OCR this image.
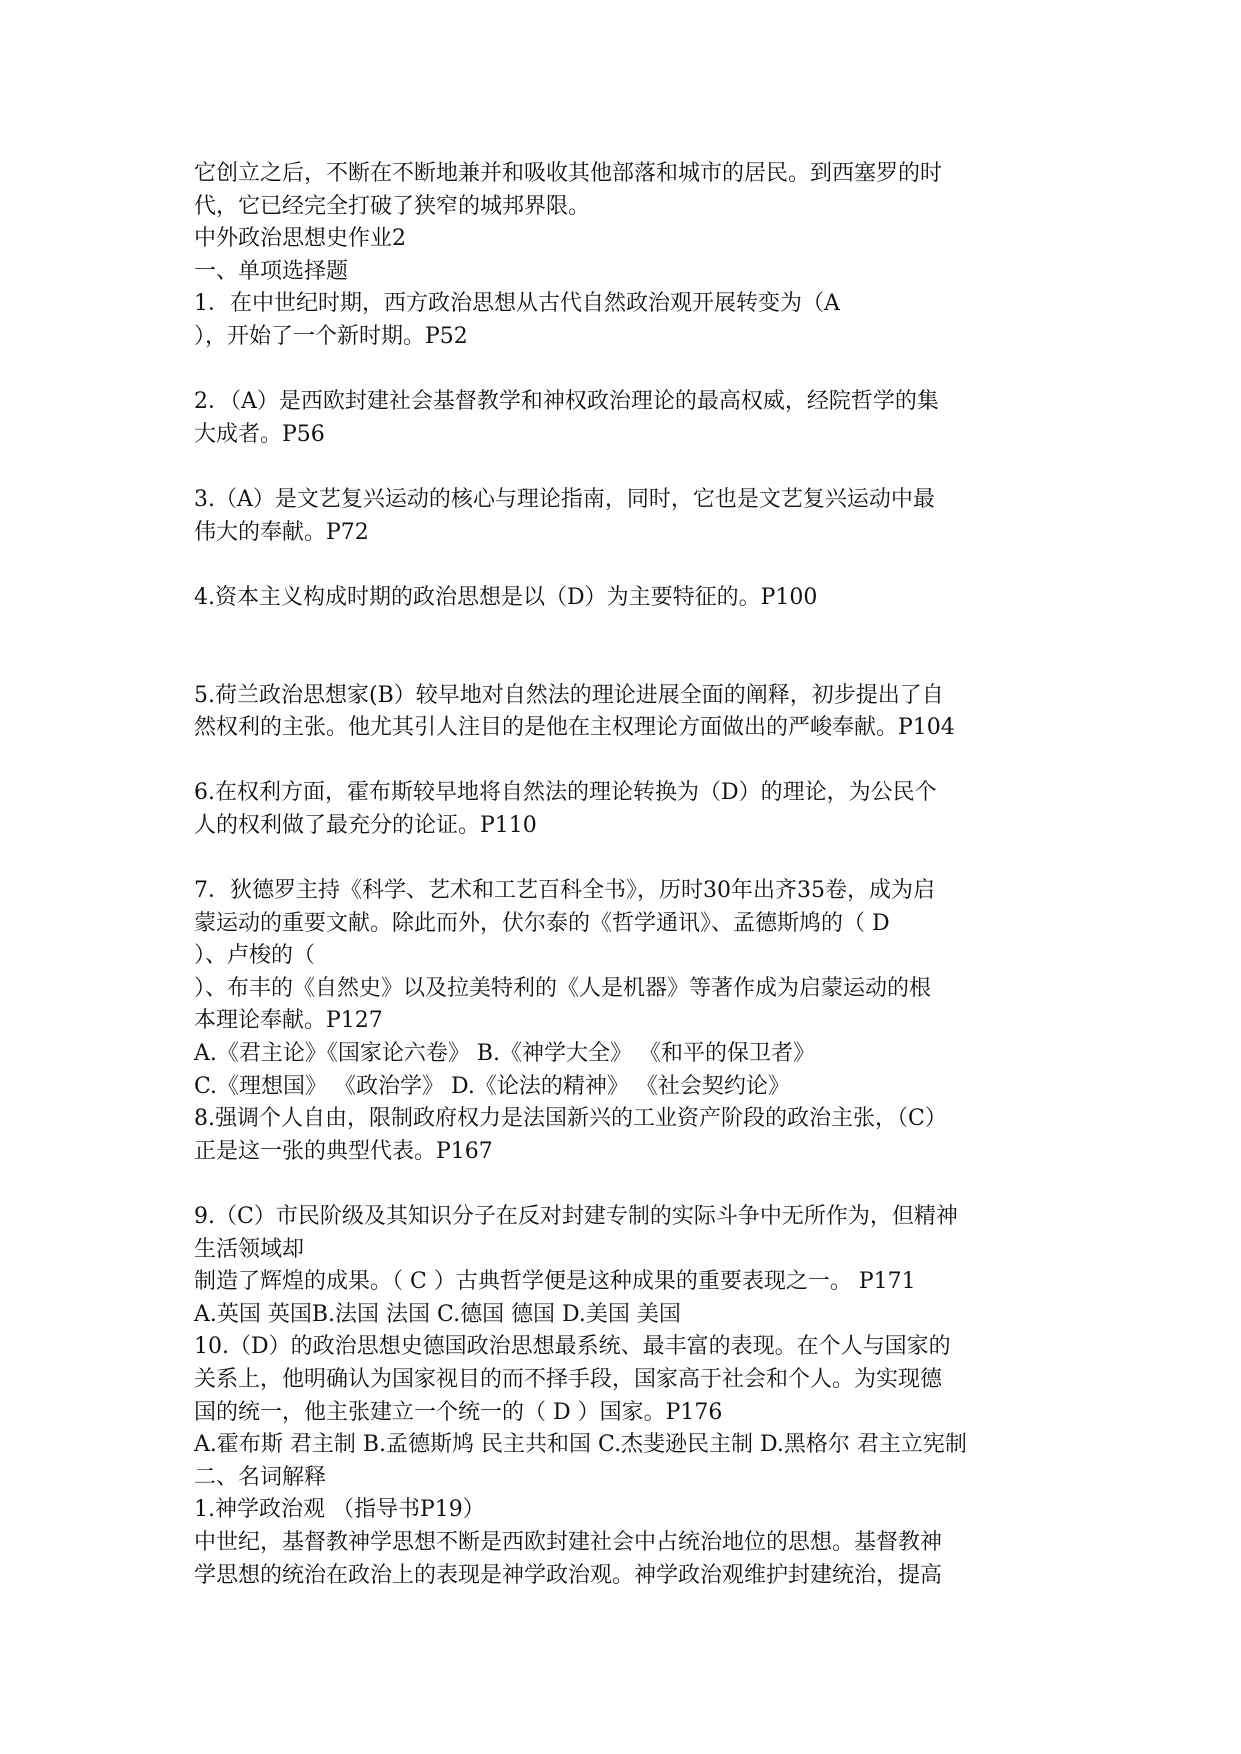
它创立之后，不断在不断地兼并和吸收其他部落和城市的居民。到西塞罗的时

代，它已经完全打破了狭窄的城邦界限。

中外政治思想史作业2

一、单项选择题

1．在中世纪时期，西方政治思想从古代自然政治观开展转变为（A

），开始了一个新时期。P52

2．（A）是西欧封建社会基督教学和神权政治理论的最高权威，经院哲学的集

大成者。P56

3.（A）是文艺复兴运动的核心与理论指南，同时，它也是文艺复兴运动中最

伟大的奉献。P72

4.资本主义构成时期的政治思想是以（D）为主要特征的。P100

5.荷兰政治思想家(B）较早地对自然法的理论进展全面的阐释，初步提出了自

然权利的主张。他尤其引人注目的是他在主权理论方面做出的严峻奉献。P104

6.在权利方面，霍布斯较早地将自然法的理论转换为（D）的理论，为公民个

人的权利做了最充分的论证。P110

7．狄德罗主持《科学、艺术和工艺百科全书》，历时30年出齐35卷，成为启

蒙运动的重要文献。除此而外，伏尔泰的《哲学通讯》、孟德斯鸠的（ D

）、卢梭的（

）、布丰的《自然史》以及拉美特利的《人是机器》等著作成为启蒙运动的根

本理论奉献。P127

A.《君主论》《国家论六卷》 B.《神学大全》 《和平的保卫者》

C.《理想国》 《政治学》 D.《论法的精神》 《社会契约论》

8.强调个人自由，限制政府权力是法国新兴的工业资产阶段的政治主张，（C）

正是这一张的典型代表。P167

9.（C）市民阶级及其知识分子在反对封建专制的实际斗争中无所作为，但精神

生活领域却

制造了辉煌的成果。（ C ）古典哲学便是这种成果的重要表现之一。 P171

A.英国 英国B.法国 法国 C.德国 德国 D.美国 美国

10.（D）的政治思想史德国政治思想最系统、最丰富的表现。在个人与国家的

关系上，他明确认为国家视目的而不择手段，国家高于社会和个人。为实现德

国的统一，他主张建立一个统一的（ D ）国家。P176

A.霍布斯 君主制 B.孟德斯鸠 民主共和国 C.杰斐逊民主制 D.黑格尔 君主立宪制

二、名词解释

1.神学政治观 （指导书P19）

中世纪，基督教神学思想不断是西欧封建社会中占统治地位的思想。基督教神

学思想的统治在政治上的表现是神学政治观。神学政治观维护封建统治，提高
